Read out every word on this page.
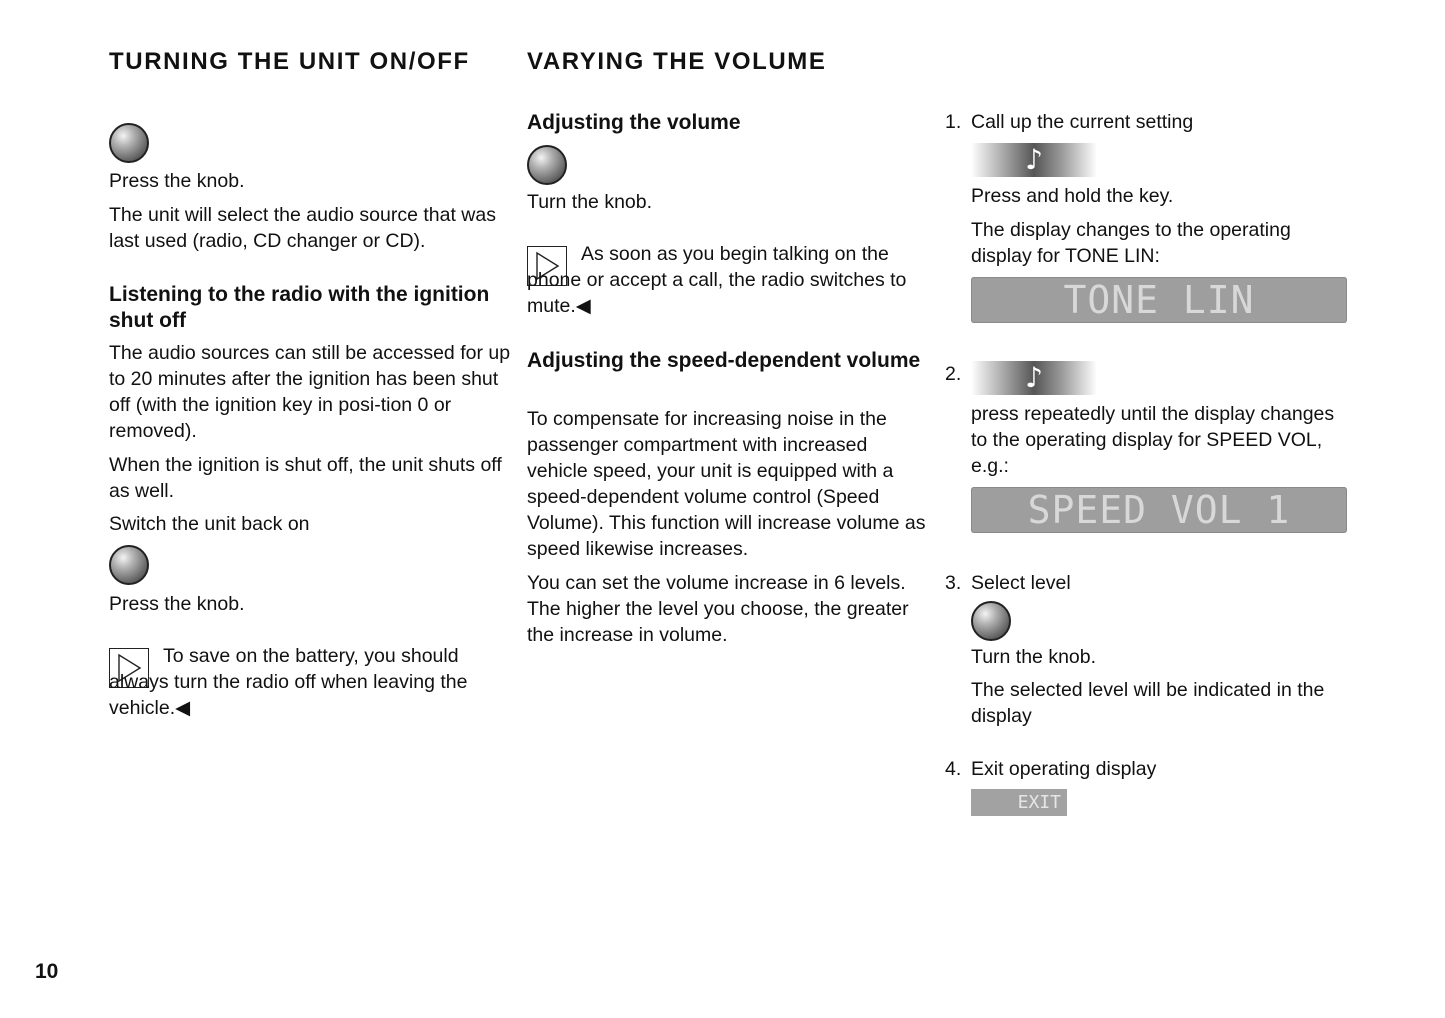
TURNING THE UNIT ON/OFF
Press the knob.
The unit will select the audio source that was last used (radio, CD changer or CD).
Listening to the radio with the ignition shut off
The audio sources can still be accessed for up to 20 minutes after the ignition has been shut off (with the ignition key in posi-tion 0 or removed).
When the ignition is shut off, the unit shuts off as well.
Switch the unit back on
Press the knob.
To save on the battery, you should always turn the radio off when leaving the vehicle.◀
VARYING THE VOLUME
Adjusting the volume
Turn the knob.
As soon as you begin talking on the phone or accept a call, the radio switches to mute.◀
Adjusting the speed-dependent volume
To compensate for increasing noise in the passenger compartment with increased vehicle speed, your unit is equipped with a speed-dependent volume control (Speed Volume). This function will increase volume as speed likewise increases.
You can set the volume increase in 6 levels. The higher the level you choose, the greater the increase in volume.
1. Call up the current setting
♪
Press and hold the key.
The display changes to the operating display for TONE LIN:
TONE LIN
2.	♪
press repeatedly until the display changes to the operating display for SPEED VOL, e.g.:
SPEED VOL 1
3. Select level
Turn the knob.
The selected level will be indicated in the display
4. Exit operating display
EXIT
10
